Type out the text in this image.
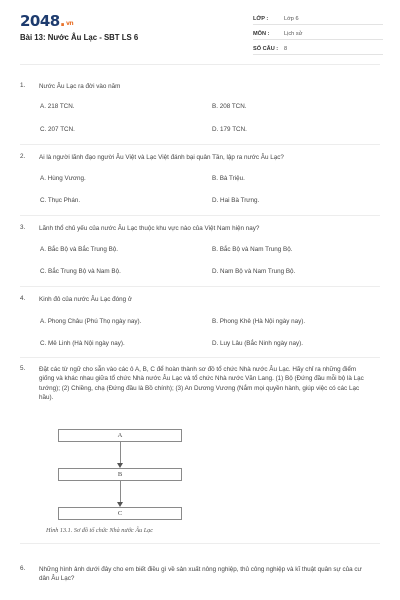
2048.vn
Bài 13: Nước Âu Lạc - SBT LS 6
LỚP :	Lớp 6
MÔN :	Lịch sử
SỐ CÂU : 8
1. Nước Âu Lạc ra đời vào năm
A. 218 TCN.	B. 208 TCN.
C. 207 TCN.	D. 179 TCN.
2. Ai là người lãnh đạo người Âu Việt và Lạc Việt đánh bại quân Tần, lập ra nước Âu Lạc?
A. Hùng Vương.	B. Bà Triệu.
C. Thục Phán.	D. Hai Bà Trưng.
3. Lãnh thổ chủ yếu của nước Âu Lạc thuộc khu vực nào của Việt Nam hiện nay?
A. Bắc Bộ và Bắc Trung Bộ.	B. Bắc Bộ và Nam Trung Bộ.
C. Bắc Trung Bộ và Nam Bộ.	D. Nam Bộ và Nam Trung Bộ.
4. Kinh đô của nước Âu Lạc đóng ở
A. Phong Châu (Phú Thọ ngày nay).	B. Phong Khê (Hà Nội ngày nay).
C. Mê Linh (Hà Nội ngày nay).	D. Luy Lâu (Bắc Ninh ngày nay).
5. Đặt các từ ngữ cho sẵn vào các ô A, B, C để hoàn thành sơ đồ tổ chức Nhà nước Âu Lạc. Hãy chỉ ra những điểm giống và khác nhau giữa tổ chức Nhà nước Âu Lạc và tổ chức Nhà nước Văn Lang. (1) Bộ (Đứng đầu mỗi bộ là Lạc tướng); (2) Chiềng, chạ (Đứng đầu là Bồ chính); (3) An Dương Vương (Nắm mọi quyền hành, giúp việc có các Lạc hầu).
A
B
C
Hình 13.1. Sơ đồ tổ chức Nhà nước Âu Lạc
6. Những hình ảnh dưới đây cho em biết điều gì về sản xuất nông nghiệp, thủ công nghiệp và kĩ thuật quân sự của cư dân Âu Lạc?
